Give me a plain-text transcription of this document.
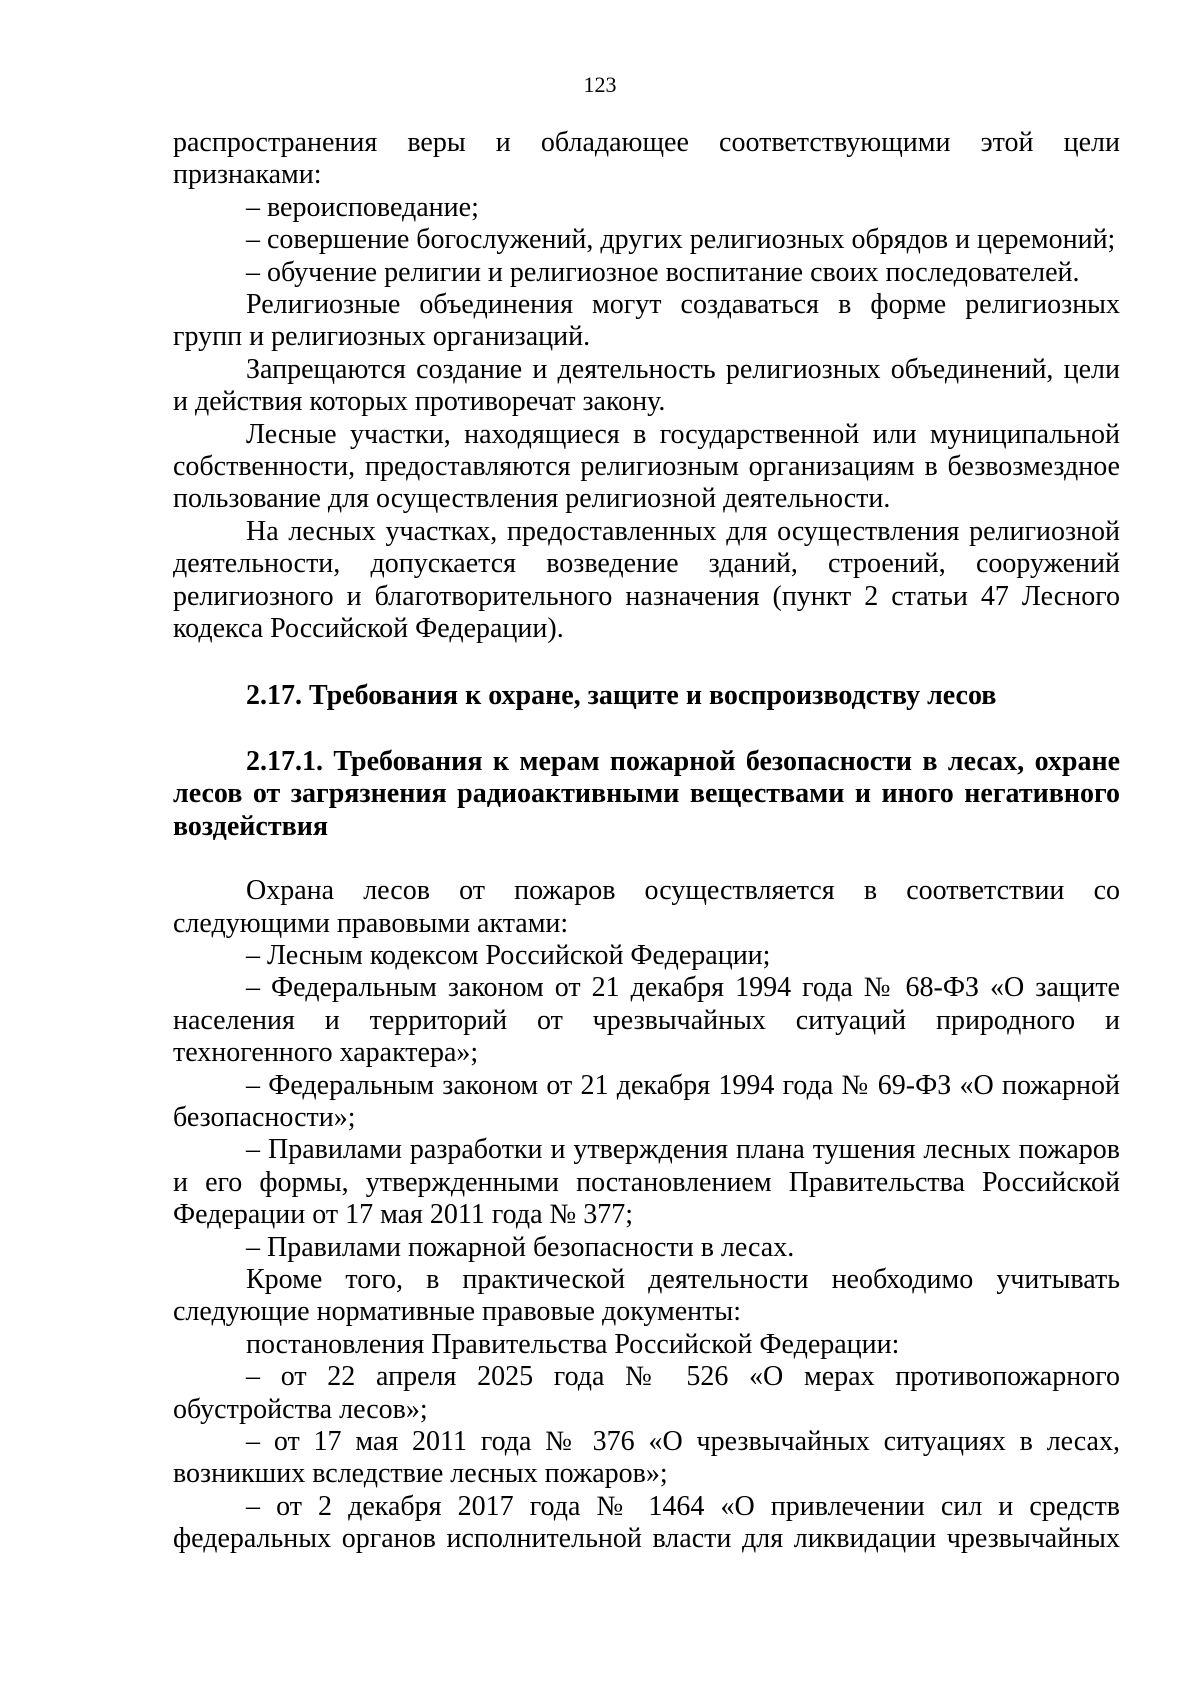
123

распространения веры и обладающее соответствующими этой цели признаками:

– вероисповедание;

– совершение богослужений, других религиозных обрядов и церемоний;

– обучение религии и религиозное воспитание своих последователей.

Религиозные объединения могут создаваться в форме религиозных групп и религиозных организаций.

Запрещаются создание и деятельность религиозных объединений, цели и действия которых противоречат закону.

Лесные участки, находящиеся в государственной или муниципальной собственности, предоставляются религиозным организациям в безвозмездное пользование для осуществления религиозной деятельности.

На лесных участках, предоставленных для осуществления религиозной деятельности, допускается возведение зданий, строений, сооружений религиозного и благотворительного назначения (пункт 2 статьи 47 Лесного кодекса Российской Федерации).

2.17. Требования к охране, защите и воспроизводству лесов

2.17.1. Требования к мерам пожарной безопасности в лесах, охране лесов от загрязнения радиоактивными веществами и иного негативного воздействия

Охрана лесов от пожаров осуществляется в соответствии со следующими правовыми актами:

– Лесным кодексом Российской Федерации;

– Федеральным законом от 21 декабря 1994 года № 68-ФЗ «О защите населения и территорий от чрезвычайных ситуаций природного и техногенного характера»;

– Федеральным законом от 21 декабря 1994 года № 69-ФЗ «О пожарной безопасности»;

– Правилами разработки и утверждения плана тушения лесных пожаров и его формы, утвержденными постановлением Правительства Российской Федерации от 17 мая 2011 года № 377;

– Правилами пожарной безопасности в лесах.

Кроме того, в практической деятельности необходимо учитывать следующие нормативные правовые документы:

постановления Правительства Российской Федерации:

– от 22 апреля 2025 года № 526 «О мерах противопожарного обустройства лесов»;

– от 17 мая 2011 года № 376 «О чрезвычайных ситуациях в лесах, возникших вследствие лесных пожаров»;

– от 2 декабря 2017 года № 1464 «О привлечении сил и средств федеральных органов исполнительной власти для ликвидации чрезвычайных
